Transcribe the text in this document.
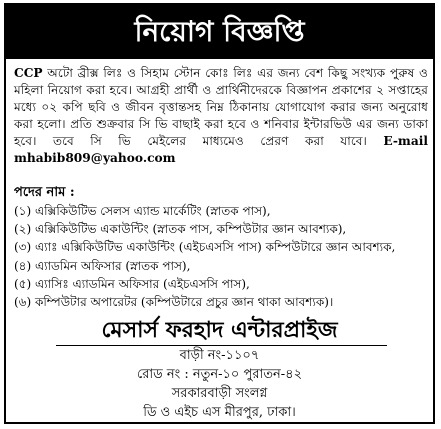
নিয়োগ বিজ্ঞপ্তি
CCP অটো ব্রীক্স লিঃ ও সিহাম স্টোন কোঃ লিঃ এর জন্য বেশ কিছু সংখ্যক পুরুষ ও মহিলা নিয়োগ করা হবে। আগ্রহী প্রার্থী ও প্রার্থিনীদেরকে বিজ্ঞাপন প্রকাশের ২ সপ্তাহের মধ্যে ০২ কপি ছবি ও জীবন বৃত্তান্তসহ নিম্ন ঠিকানায় যোগাযোগ করার জন্য অনুরোধ করা হলো। প্রতি শুক্রবার সি ভি বাছাই করা হবে ও শনিবার ইন্টারভিউ এর জন্য ডাকা হবে। তবে সি ভি মেইলের মাধ্যমেও প্রেরণ করা যাবে। E-mail mhabib809@yahoo.com
পদের নাম :
(১) এক্সিকিউটিভ সেলস এ্যান্ড মার্কেটিং (স্নাতক পাস),
(২) এক্সিকিউটিভ একাউন্টিং (স্নাতক পাস, কম্পিউটার জ্ঞান আবশ্যক),
(৩) এ্যাঃ এক্সিকিউটিভ একাউন্টিং (এইচএসসি পাস) কম্পিউটারে জ্ঞান আবশ্যক,
(৪) এ্যাডমিন অফিসার (স্নাতক পাস),
(৫) এ্যাসিঃ এ্যাডমিন অফিসার (এইচএসসি পাস),
(৬) কম্পিউটার অপারেটর (কম্পিউটারে প্রচুর জ্ঞান থাকা আবশ্যক)।
মেসার্স ফরহাদ এন্টারপ্রাইজ
বাড়ী নং-১১০৭
রোড নং : নতুন-১০ পুরাতন-৪২
সরকারবাড়ী সংলগ্ন
ডি ও এইচ এস মীরপুর, ঢাকা।
